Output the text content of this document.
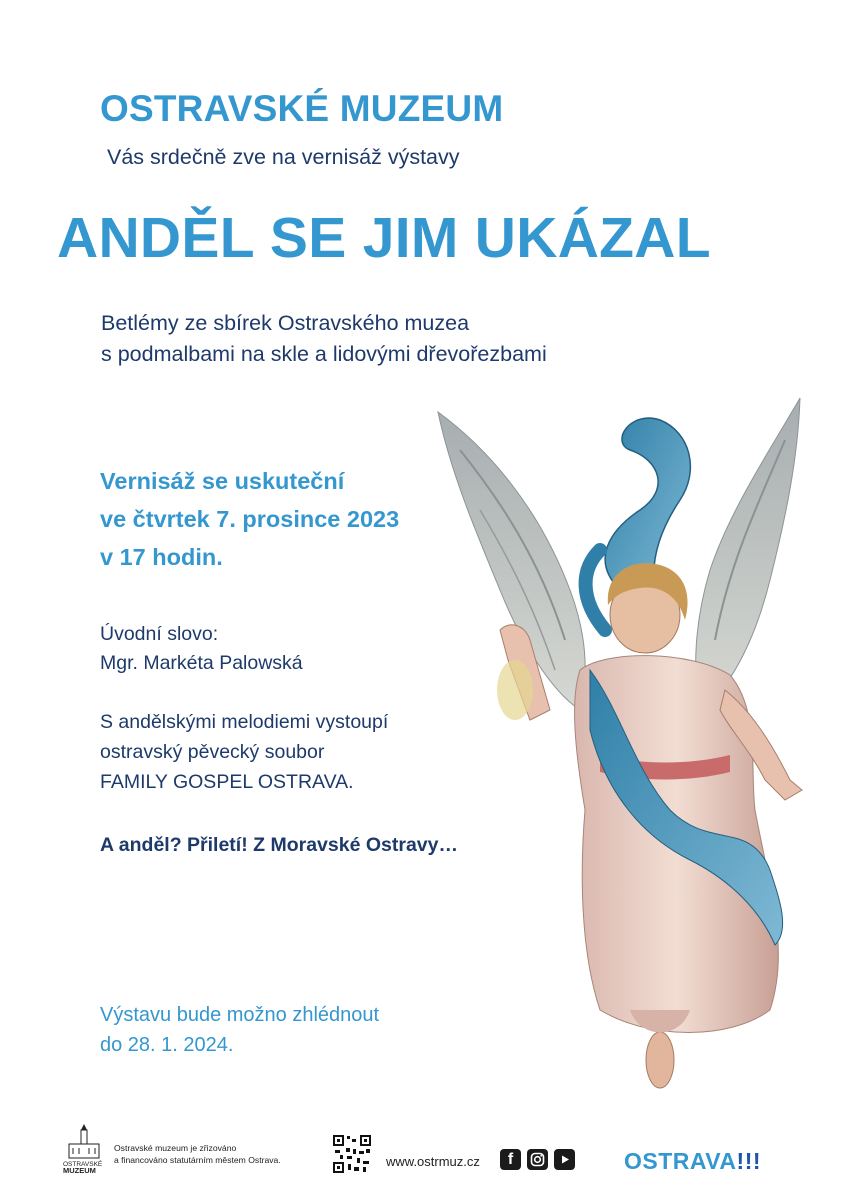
OSTRAVSKÉ MUZEUM
Vás srdečně zve na vernisáž výstavy
ANDĚL SE JIM UKÁZAL
Betlémy ze sbírek Ostravského muzea
s podmalbami na skle a lidovými dřevořezbami
Vernisáž se uskuteční
ve čtvrtek 7. prosince 2023
v 17 hodin.
Úvodní slovo:
Mgr. Markéta Palowská
S andělskými melodiemi vystoupí
ostravský pěvecký soubor
FAMILY GOSPEL OSTRAVA.
A anděl? Přiletí! Z Moravské Ostravy…
Výstavu bude možno zhlédnout
do 28. 1. 2024.
OSTRAVSKÉ
MUZEUM
Ostravské muzeum je zřizováno
a financováno statutárním městem Ostrava.	www.ostrmuz.cz	f	OSTRAVA!!!
